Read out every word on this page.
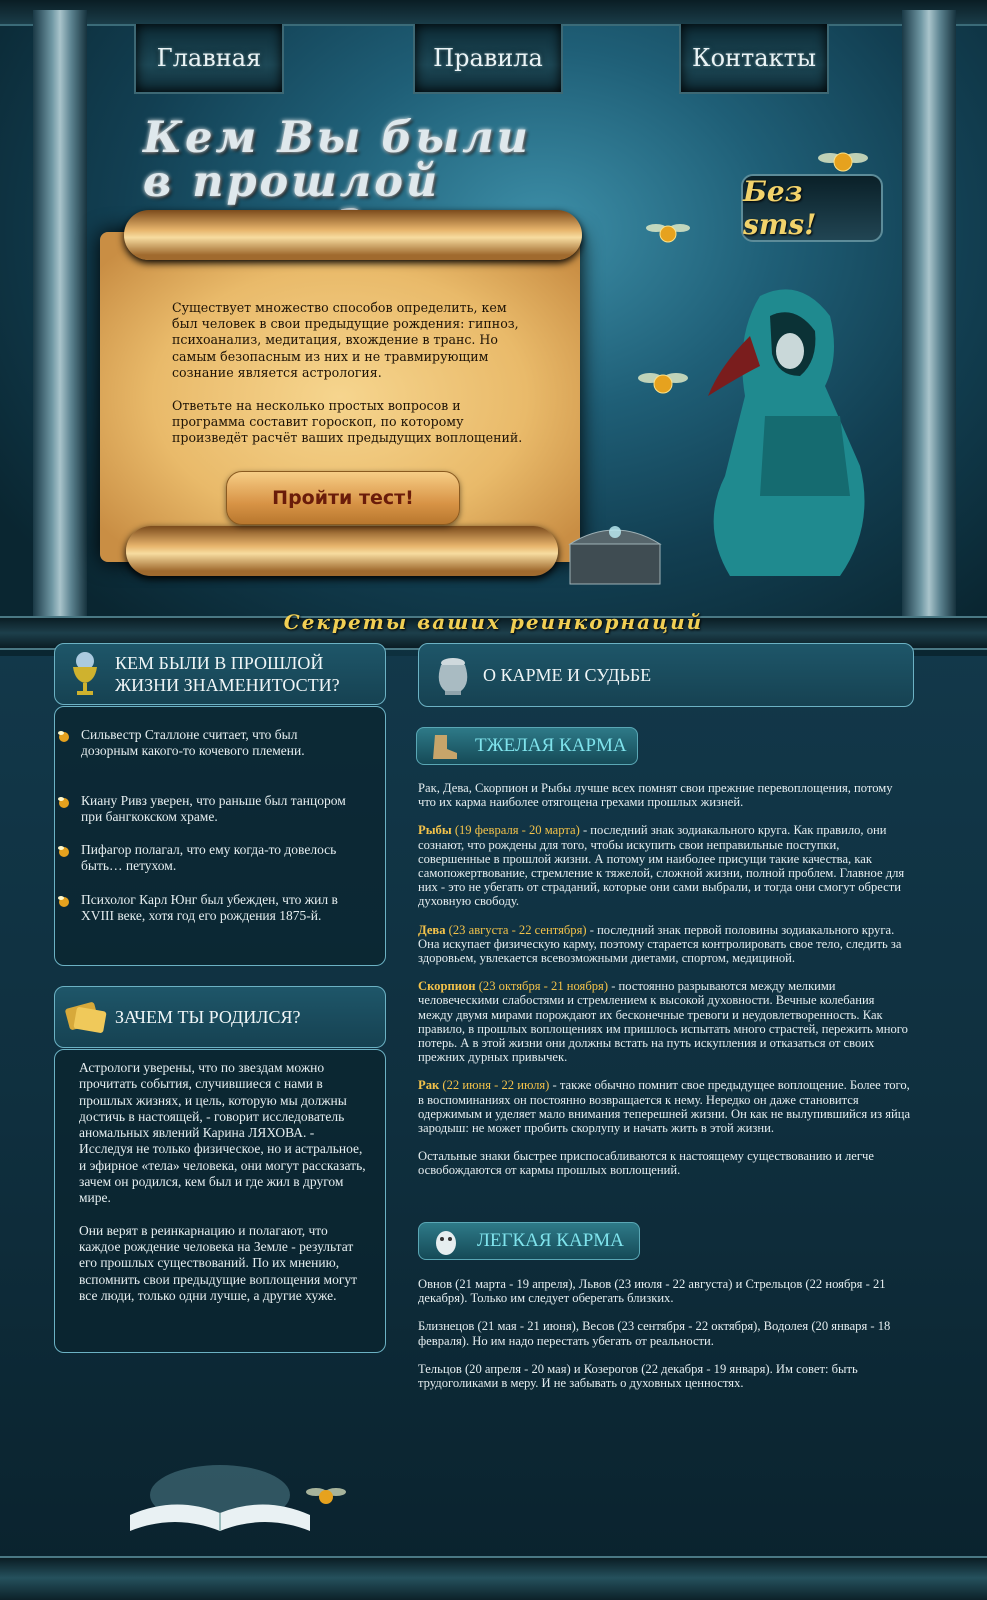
Главная	Правила	Контакты
Кем Вы были
в прошлой	Без sms!

Существует множество способов определить, кем был человек в свои предыдущие рождения: гипноз, психоанализ, медитация, вхождение в транс. Но самым безопасным из них и не травмирующим сознание является астрология.

Ответьте на несколько простых вопросов и программа составит гороскоп, по которому произведёт расчёт ваших предыдущих воплощений.

Пройти тест!
Секреты ваших реинкорнаций
КЕМ БЫЛИ В ПРОШЛОЙ ЖИЗНИ ЗНАМЕНИТОСТИ?
Сильвестр Сталлоне считает, что был дозорным какого-то кочевого племени.
Киану Ривз уверен, что раньше был танцором при бангкокском храме.
Пифагор полагал, что ему когда-то довелось быть… петухом.
Психолог Карл Юнг был убежден, что жил в XVIII веке, хотя год его рождения 1875-й.
ЗАЧЕМ ТЫ РОДИЛСЯ?

Астрологи уверены, что по звездам можно прочитать события, случившиеся с нами в прошлых жизнях, и цель, которую мы должны достичь в настоящей, - говорит исследователь аномальных явлений Карина ЛЯХОВА. - Исследуя не только физическое, но и астральное, и эфирное «тела» человека, они могут рассказать, зачем он родился, кем был и где жил в другом мире.

Они верят в реинкарнацию и полагают, что каждое рождение человека на Земле - результат его прошлых существований. По их мнению, вспомнить свои предыдущие воплощения могут все люди, только одни лучше, а другие хуже.

О КАРМЕ И СУДЬБЕ
ТЖЕЛАЯ КАРМА

Рак, Дева, Скорпион и Рыбы лучше всех помнят свои прежние перевоплощения, потому что их карма наиболее отягощена грехами прошлых жизней.

Рыбы (19 февраля - 20 марта) - последний знак зодиакального круга. Как правило, они сознают, что рождены для того, чтобы искупить свои неправильные поступки, совершенные в прошлой жизни. А потому им наиболее присущи такие качества, как самопожертвование, стремление к тяжелой, сложной жизни, полной проблем. Главное для них - это не убегать от страданий, которые они сами выбрали, и тогда они смогут обрести духовную свободу.

Дева (23 августа - 22 сентября) - последний знак первой половины зодиакального круга. Она искупает физическую карму, поэтому старается контролировать свое тело, следить за здоровьем, увлекается всевозможными диетами, спортом, медициной.

Скорпион (23 октября - 21 ноября) - постоянно разрываются между мелкими человеческими слабостями и стремлением к высокой духовности. Вечные колебания между двумя мирами порождают их бесконечные тревоги и неудовлетворенность. Как правило, в прошлых воплощениях им пришлось испытать много страстей, пережить много потерь. А в этой жизни они должны встать на путь искупления и отказаться от своих прежних дурных привычек.

Рак (22 июня - 22 июля) - также обычно помнит свое предыдущее воплощение. Более того, в воспоминаниях он постоянно возвращается к нему. Нередко он даже становится одержимым и уделяет мало внимания теперешней жизни. Он как не вылупившийся из яйца зародыш: не может пробить скорлупу и начать жить в этой жизни.

Остальные знаки быстрее приспосабливаются к настоящему существованию и легче освобождаются от кармы прошлых воплощений.

ЛЕГКАЯ КАРМА

Овнов (21 марта - 19 апреля), Львов (23 июля - 22 августа) и Стрельцов (22 ноября - 21 декабря). Только им следует оберегать близких.

Близнецов (21 мая - 21 июня), Весов (23 сентября - 22 октября), Водолея (20 января - 18 февраля). Но им надо перестать убегать от реальности.

Тельцов (20 апреля - 20 мая) и Козерогов (22 декабря - 19 января). Им совет: быть трудоголиками в меру. И не забывать о духовных ценностях.
